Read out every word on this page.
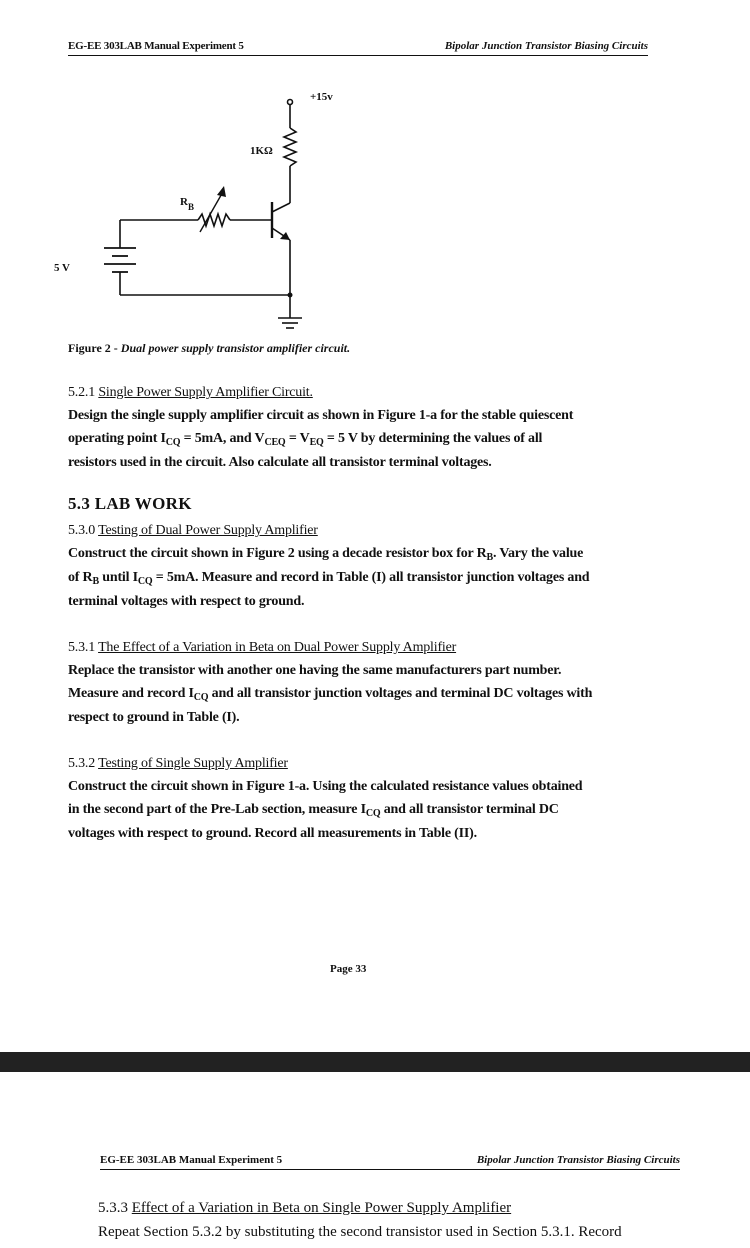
EG-EE 303LAB Manual Experiment 5	Bipolar Junction Transistor Biasing Circuits
+15v
1KΩ
R B
5 V
Figure 2 - Dual power supply transistor amplifier circuit.

5.2.1 Single Power Supply Amplifier Circuit.

Design the single supply amplifier circuit as shown in Figure 1-a for the stable quiescent

operating point $I_{CQ} = 5mA$, and $V_{CEQ} = V_{EQ} = 5$ V by determining the values of all

resistors used in the circuit. Also calculate all transistor terminal voltages.

5.3 LAB WORK

5.3.0 Testing of Dual Power Supply Amplifier

Construct the circuit shown in Figure 2 using a decade resistor box for $R_B$. Vary the value

of $R_B$ until $I_{CQ} = 5mA$. Measure and record in Table (I) all transistor junction voltages and

terminal voltages with respect to ground.

5.3.1 The Effect of a Variation in Beta on Dual Power Supply Amplifier

Replace the transistor with another one having the same manufacturers part number.

Measure and record $I_{CQ}$ and all transistor junction voltages and terminal DC voltages with

respect to ground in Table (I).

5.3.2 Testing of Single Supply Amplifier

Construct the circuit shown in Figure 1-a. Using the calculated resistance values obtained

in the second part of the Pre-Lab section, measure $I_{CQ}$ and all transistor terminal DC

voltages with respect to ground. Record all measurements in Table (II).

Page 33
EG-EE 303LAB Manual Experiment 5	Bipolar Junction Transistor Biasing Circuits
5.3.3 Effect of a Variation in Beta on Single Power Supply Amplifier
Repeat Section 5.3.2 by substituting the second transistor used in Section 5.3.1. Record
